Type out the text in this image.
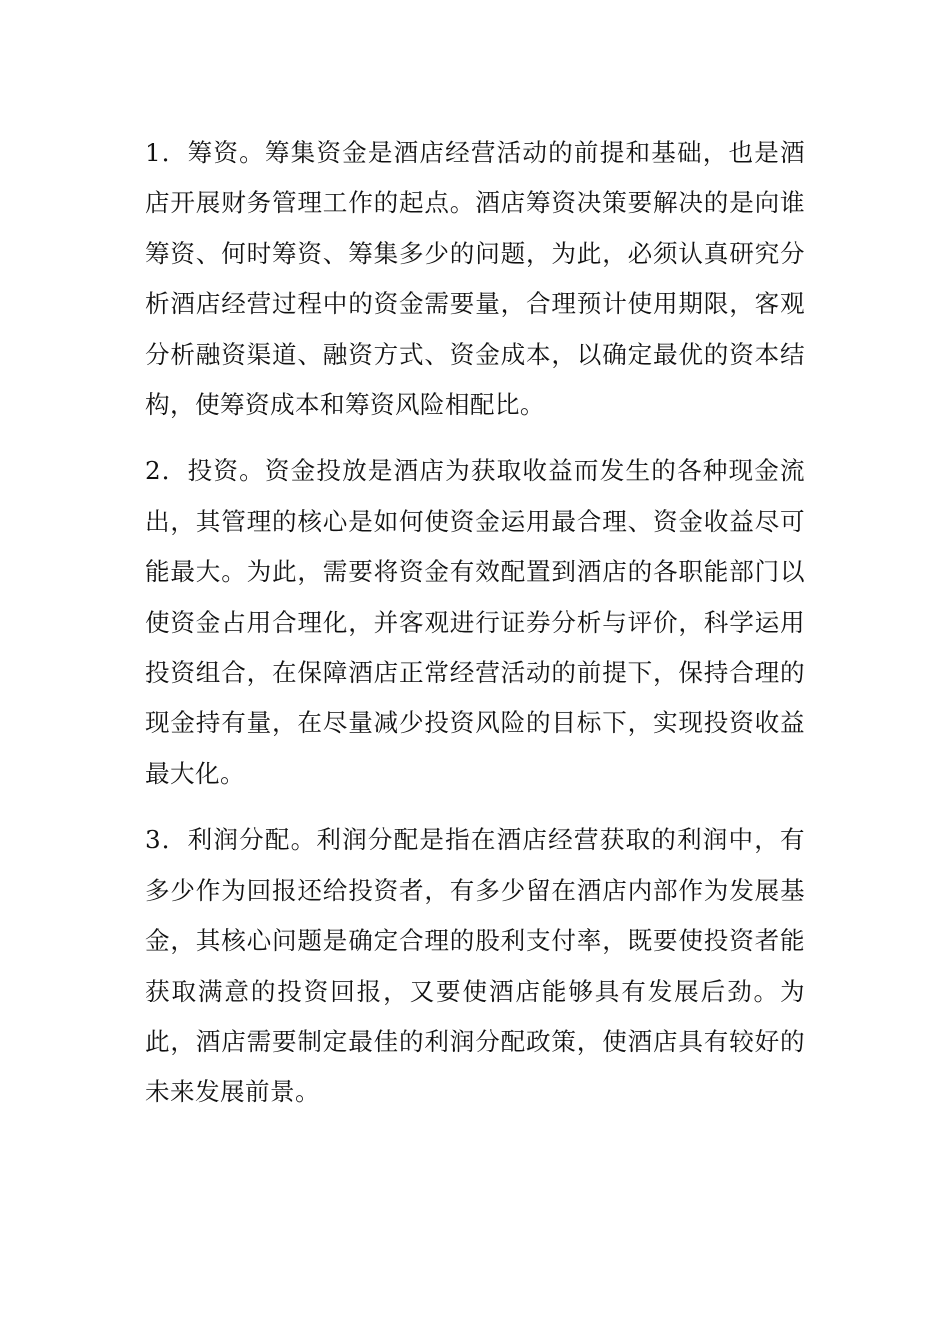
1．筹资。筹集资金是酒店经营活动的前提和基础，也是酒店开展财务管理工作的起点。酒店筹资决策要解决的是向谁筹资、何时筹资、筹集多少的问题，为此，必须认真研究分析酒店经营过程中的资金需要量，合理预计使用期限，客观分析融资渠道、融资方式、资金成本，以确定最优的资本结构，使筹资成本和筹资风险相配比。

2．投资。资金投放是酒店为获取收益而发生的各种现金流出，其管理的核心是如何使资金运用最合理、资金收益尽可能最大。为此，需要将资金有效配置到酒店的各职能部门以使资金占用合理化，并客观进行证券分析与评价，科学运用投资组合，在保障酒店正常经营活动的前提下，保持合理的现金持有量，在尽量减少投资风险的目标下，实现投资收益最大化。

3．利润分配。利润分配是指在酒店经营获取的利润中，有多少作为回报还给投资者，有多少留在酒店内部作为发展基金，其核心问题是确定合理的股利支付率，既要使投资者能获取满意的投资回报，又要使酒店能够具有发展后劲。为此，酒店需要制定最佳的利润分配政策，使酒店具有较好的未来发展前景。
